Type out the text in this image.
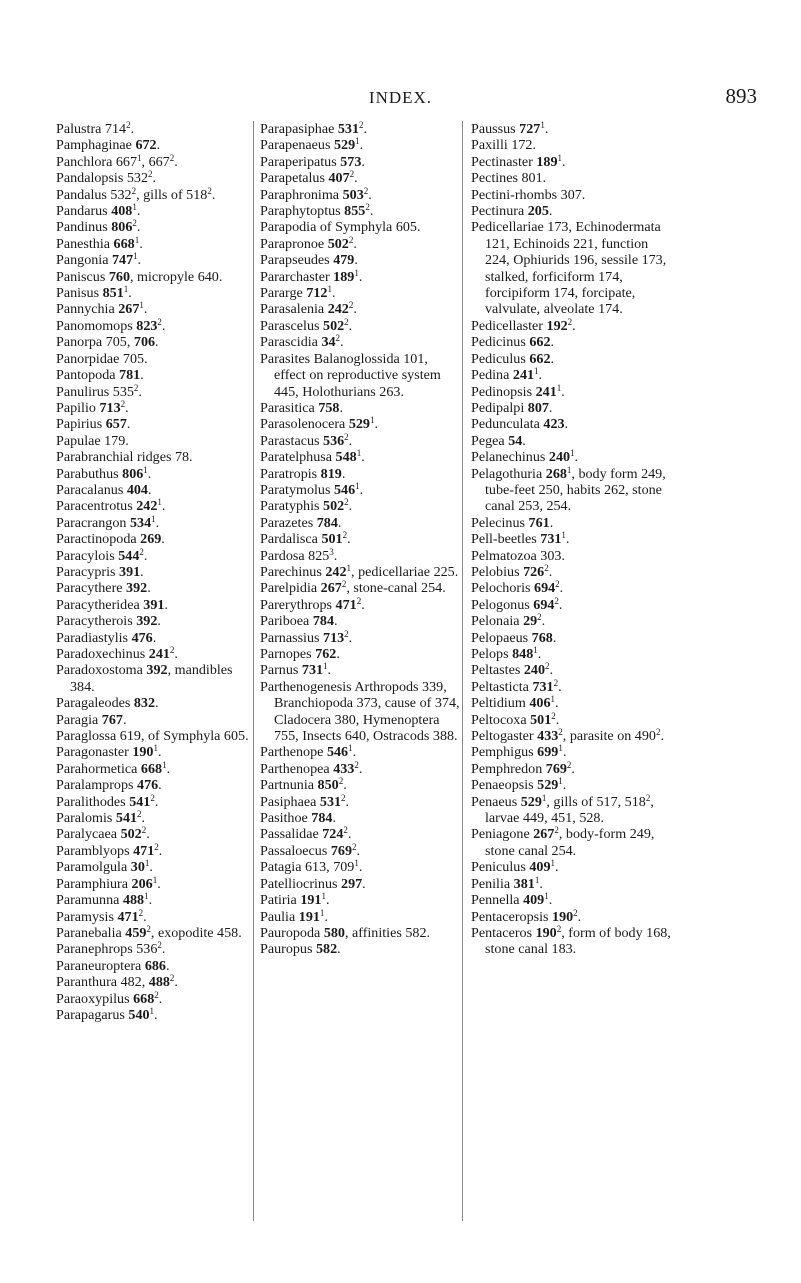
INDEX.	893

Palustra $714^2$.

Pamphaginae 672.

Panchlora $667^1$, $667^2$.

Pandalopsis $532^2$.

Pandalus $532^2$, gills of $518^2$.

Pandarus $408^1$.

Pandinus $806^2$.

Panesthia $668^1$.

Pangonia $747^1$.

Paniscus 760, micropyle 640.

Panisus $851^1$.

Pannychia $267^1$.

Panomomops $823^2$.

Panorpa 705, 706.

Panorpidae 705.

Pantopoda 781.

Panulirus $535^2$.

Papilio $713^2$.

Papirius 657.

Papulae 179.

Parabranchial ridges 78.

Parabuthus $806^1$.

Paracalanus 404.

Paracentrotus $242^1$.

Paracrangon $534^1$.

Paractinopoda 269.

Paracylois $544^2$.

Paracypris 391.

Paracythere 392.

Paracytheridea 391.

Paracytherois 392.

Paradiastylis 476.

Paradoxechinus $241^2$.

Paradoxostoma 392, mandibles 384.

Paragaleodes 832.

Paragia 767.

Paraglossa 619, of Symphyla 605.

Paragonaster $190^1$.

Parahormetica $668^1$.

Paralamprops 476.

Paralithodes $541^2$.

Paralomis $541^2$.

Paralycaea $502^2$.

Paramblyops $471^2$.

Paramolgula $30^1$.

Paramphiura $206^1$.

Paramunna $488^1$.

Paramysis $471^2$.

Paranebalia $459^2$, exopodite 458.

Paranephrops $536^2$.

Paraneuroptera 686.

Paranthura 482, $488^2$.

Paraoxypilus $668^2$.

Parapagarus $540^1$.

Parapasiphae $531^2$.

Parapenaeus $529^1$.

Paraperipatus 573.

Parapetalus $407^2$.

Paraphronima $503^2$.

Paraphytoptus $855^2$.

Parapodia of Symphyla 605.

Parapronoe $502^2$.

Parapseudes 479.

Pararchaster $189^1$.

Pararge $712^1$.

Parasalenia $242^2$.

Parascelus $502^2$.

Parascidia $34^2$.

Parasites Balanoglossida 101, effect on reproductive system 445, Holothurians 263.

Parasitica 758.

Parasolenocera $529^1$.

Parastacus $536^2$.

Paratelphusa $548^1$.

Paratropis 819.

Paratymolus $546^1$.

Paratyphis $502^2$.

Parazetes 784.

Pardalisca $501^2$.

Pardosa $825^3$.

Parechinus $242^1$, pedicellariae 225.

Parelpidia $267^2$, stone-canal 254.

Parerythrops $471^2$.

Pariboea 784.

Parnassius $713^2$.

Parnopes 762.

Parnus $731^1$.

Parthenogenesis Arthropods 339, Branchiopoda 373, cause of 374, Cladocera 380, Hymenoptera 755, Insects 640, Ostracods 388.

Parthenope $546^1$.

Parthenopea $433^2$.

Partnunia $850^2$.

Pasiphaea $531^2$.

Pasithoe 784.

Passalidae $724^2$.

Passaloecus $769^2$.

Patagia 613, $709^1$.

Patelliocrinus 297.

Patiria $191^1$.

Paulia $191^1$.

Pauropoda 580, affinities 582.

Pauropus 582.

Paussus $727^1$.

Paxilli 172.

Pectinaster $189^1$.

Pectines 801.

Pectini-rhombs 307.

Pectinura 205.

Pedicellariae 173, Echinodermata 121, Echinoids 221, function 224, Ophiurids 196, sessile 173, stalked, forficiform 174, forcipiform 174, forcipate, valvulate, alveolate 174.

Pedicellaster $192^2$.

Pedicinus 662.

Pediculus 662.

Pedina $241^1$.

Pedinopsis $241^1$.

Pedipalpi 807.

Pedunculata 423.

Pegea 54.

Pelanechinus $240^1$.

Pelagothuria $268^1$, body form 249, tube-feet 250, habits 262, stone canal 253, 254.

Pelecinus 761.

Pell-beetles $731^1$.

Pelmatozoa 303.

Pelobius $726^2$.

Pelochoris $694^2$.

Pelogonus $694^2$.

Pelonaia $29^2$.

Pelopaeus 768.

Pelops $848^1$.

Peltastes $240^2$.

Peltasticta $731^2$.

Peltidium $406^1$.

Peltocoxa $501^2$.

Peltogaster $433^2$, parasite on $490^2$.

Pemphigus $699^1$.

Pemphredon $769^2$.

Penaeopsis $529^1$.

Penaeus $529^1$, gills of 517, $518^2$, larvae 449, 451, 528.

Peniagone $267^2$, body-form 249, stone canal 254.

Peniculus $409^1$.

Penilia $381^1$.

Pennella $409^1$.

Pentaceropsis $190^2$.

Pentaceros $190^2$, form of body 168, stone canal 183.
